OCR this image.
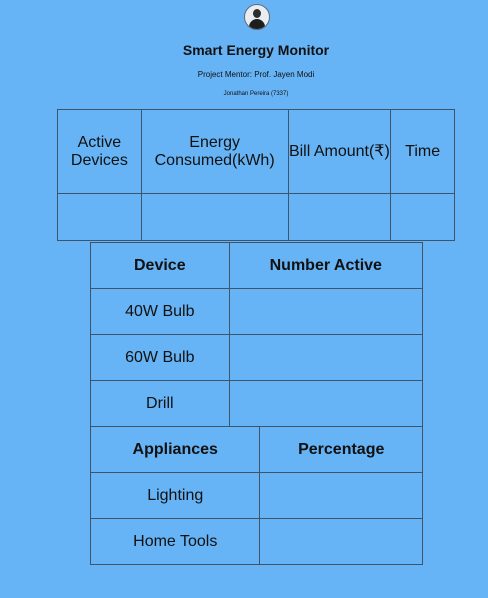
Smart Energy Monitor
Project Mentor: Prof. Jayen Modi
Jonathan Pereira (7337)
Active Devices	Energy Consumed(kWh)	Bill Amount(₹)	Time

Device	Number Active
40W Bulb	
60W Bulb	
Drill	
Appliances	Percentage
Lighting	
Home Tools	
